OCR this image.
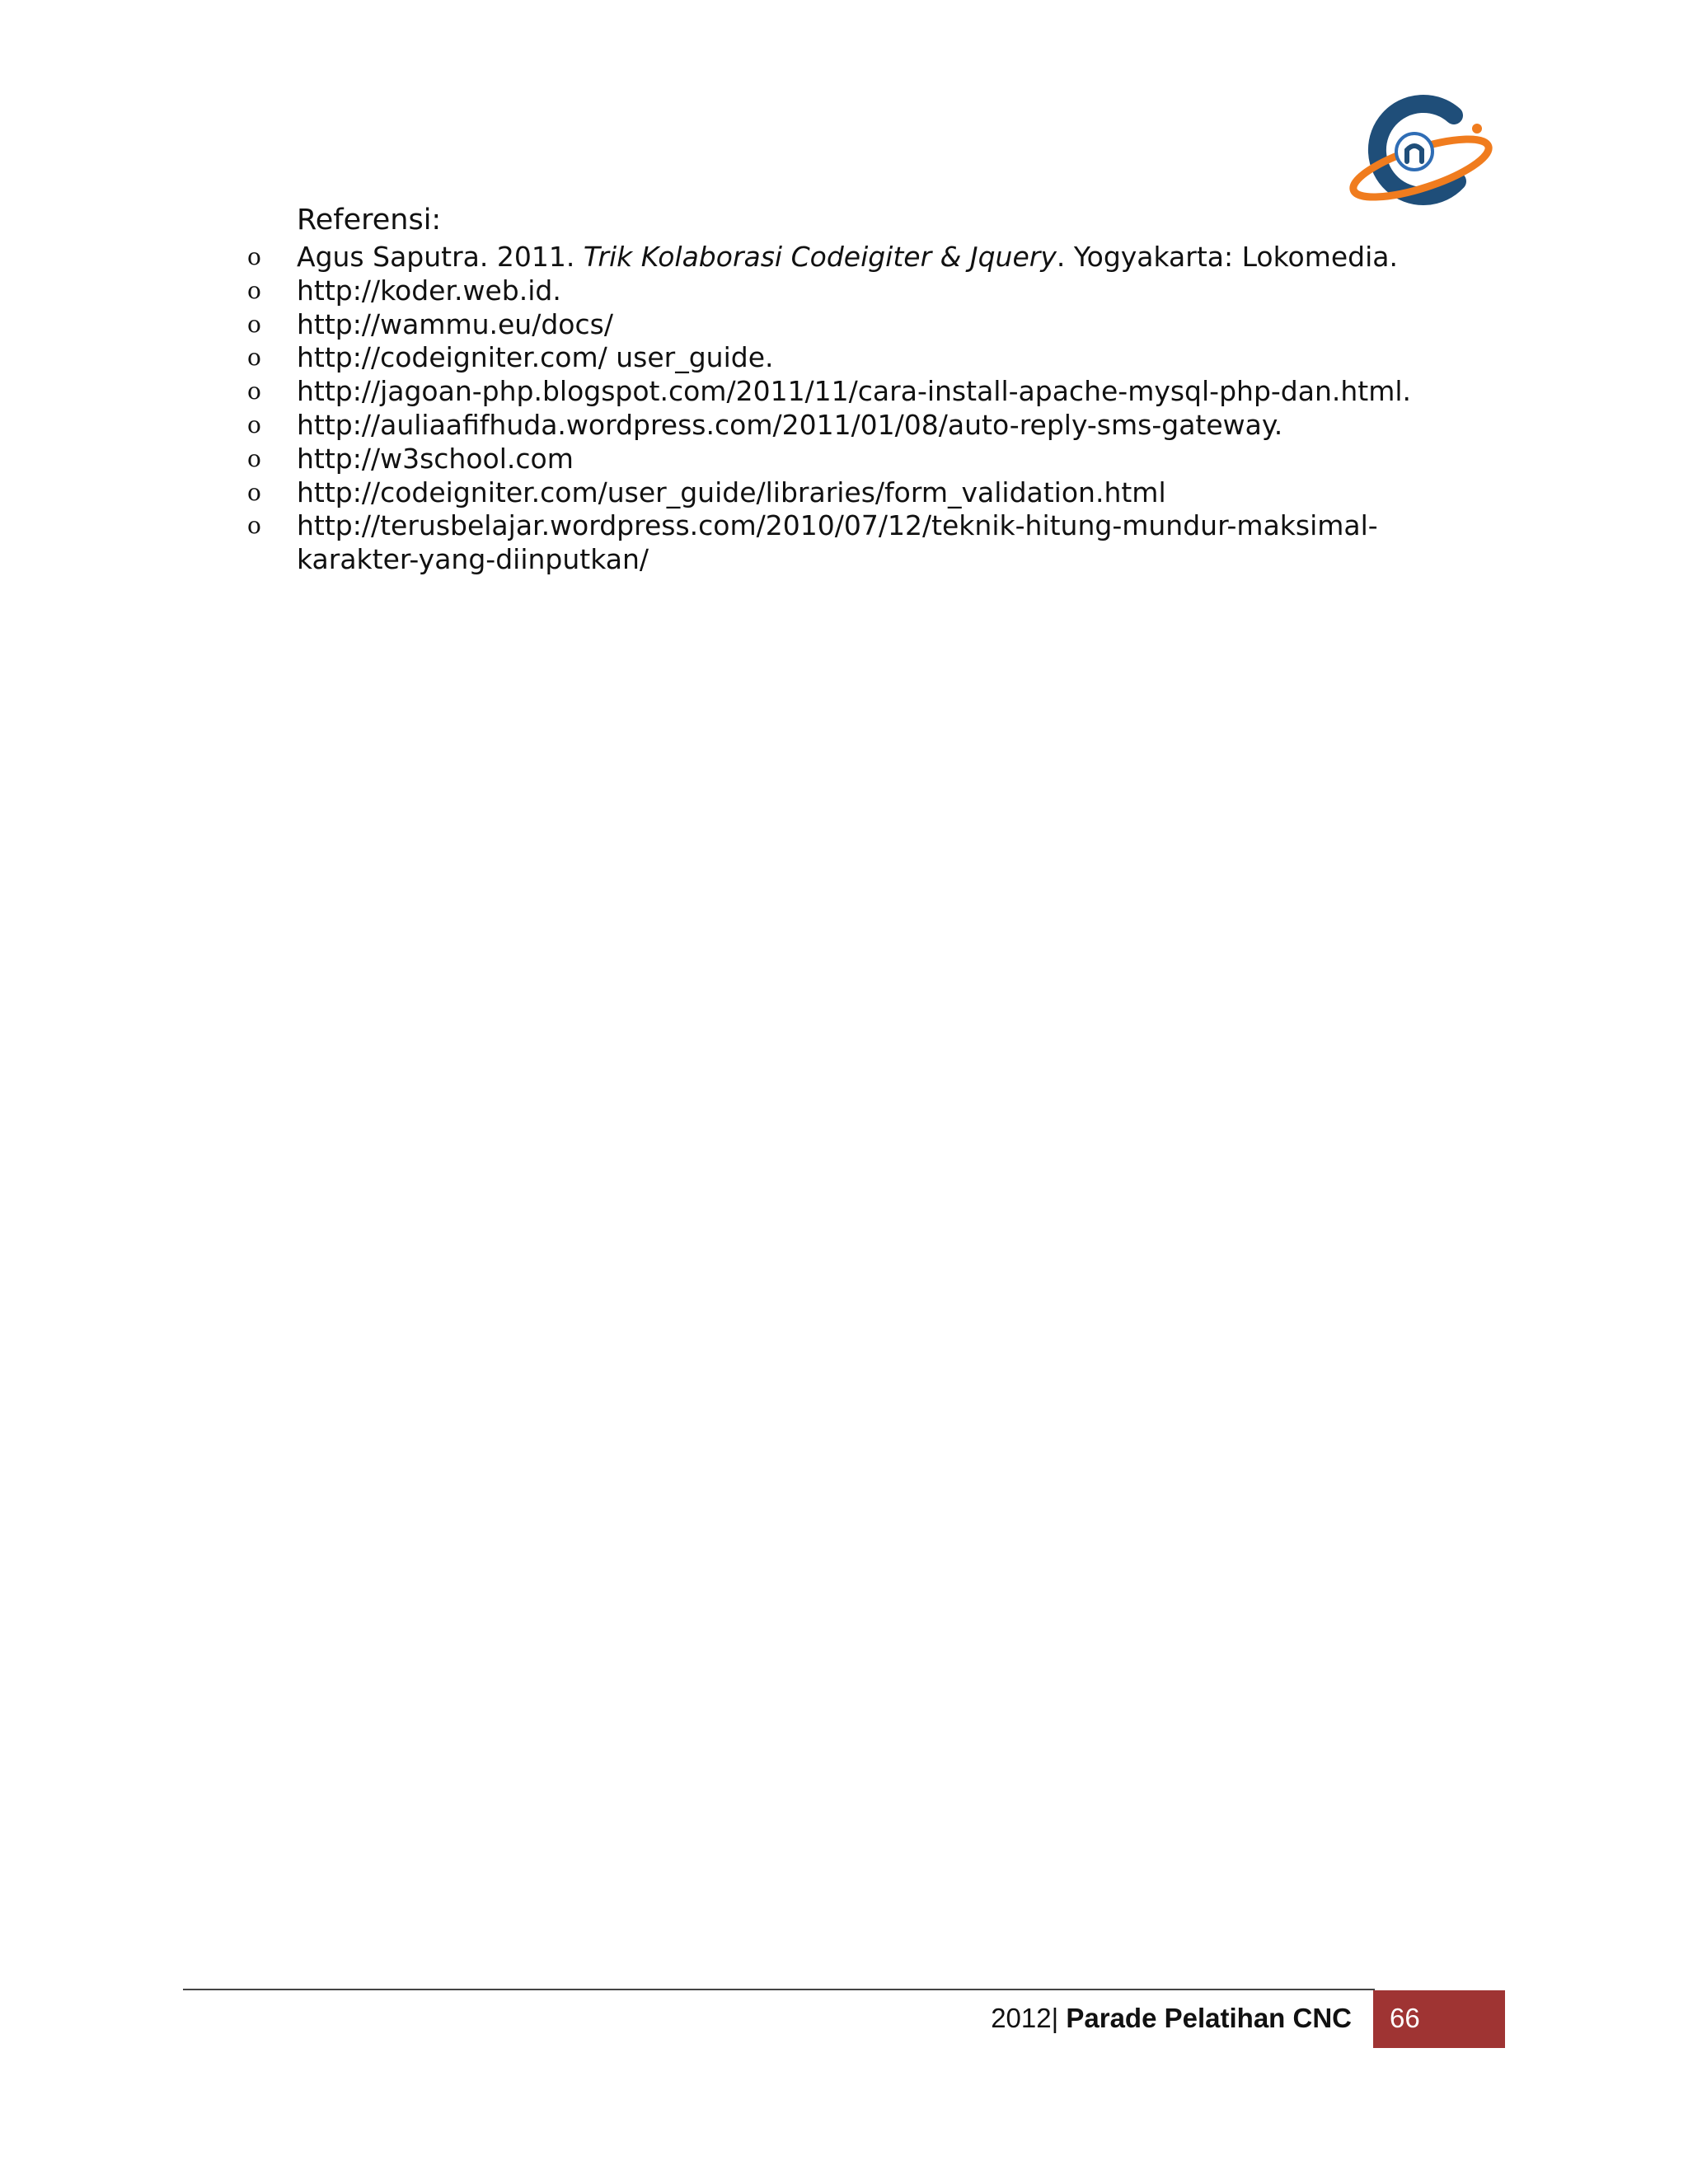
Referensi:
o Agus Saputra. 2011. Trik Kolaborasi Codeigiter & Jquery. Yogyakarta: Lokomedia.
o http://koder.web.id.
o http://wammu.eu/docs/
o http://codeigniter.com/ user_guide.
o http://jagoan-php.blogspot.com/2011/11/cara-install-apache-mysql-php-dan.html.
o http://auliaafifhuda.wordpress.com/2011/01/08/auto-reply-sms-gateway.
o http://w3school.com
o http://codeigniter.com/user_guide/libraries/form_validation.html
o http://terusbelajar.wordpress.com/2010/07/12/teknik-hitung-mundur-maksimal-karakter-yang-diinputkan/
2012| Parade Pelatihan CNC 66
